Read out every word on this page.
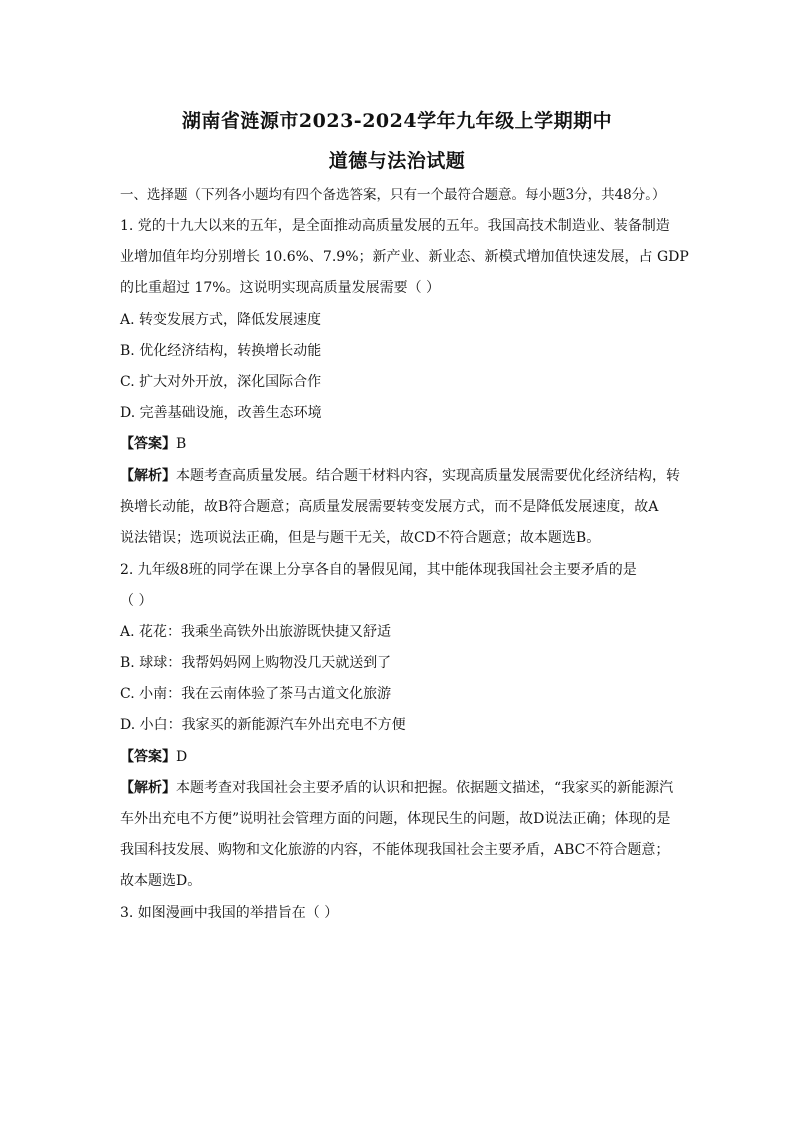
湖南省涟源市2023-2024学年九年级上学期期中
道德与法治试题
一、选择题（下列各小题均有四个备选答案，只有一个最符合题意。每小题3分，共48分。）
1. 党的十九大以来的五年，是全面推动高质量发展的五年。我国高技术制造业、装备制造
业增加值年均分别增长 10.6%、7.9%；新产业、新业态、新模式增加值快速发展，占 GDP
的比重超过 17%。这说明实现高质量发展需要（ ）
A. 转变发展方式，降低发展速度
B. 优化经济结构，转换增长动能
C. 扩大对外开放，深化国际合作
D. 完善基础设施，改善生态环境
【答案】B
【解析】本题考查高质量发展。结合题干材料内容，实现高质量发展需要优化经济结构，转
换增长动能，故B符合题意；高质量发展需要转变发展方式，而不是降低发展速度，故A
说法错误；选项说法正确，但是与题干无关，故CD不符合题意；故本题选B。
2. 九年级8班的同学在课上分享各自的暑假见闻，其中能体现我国社会主要矛盾的是
（ ）
A. 花花：我乘坐高铁外出旅游既快捷又舒适
B. 球球：我帮妈妈网上购物没几天就送到了
C. 小南：我在云南体验了茶马古道文化旅游
D. 小白：我家买的新能源汽车外出充电不方便
【答案】D
【解析】本题考查对我国社会主要矛盾的认识和把握。依据题文描述，“我家买的新能源汽
车外出充电不方便”说明社会管理方面的问题，体现民生的问题，故D说法正确；体现的是
我国科技发展、购物和文化旅游的内容，不能体现我国社会主要矛盾，ABC不符合题意；
故本题选D。
3. 如图漫画中我国的举措旨在（ ）
